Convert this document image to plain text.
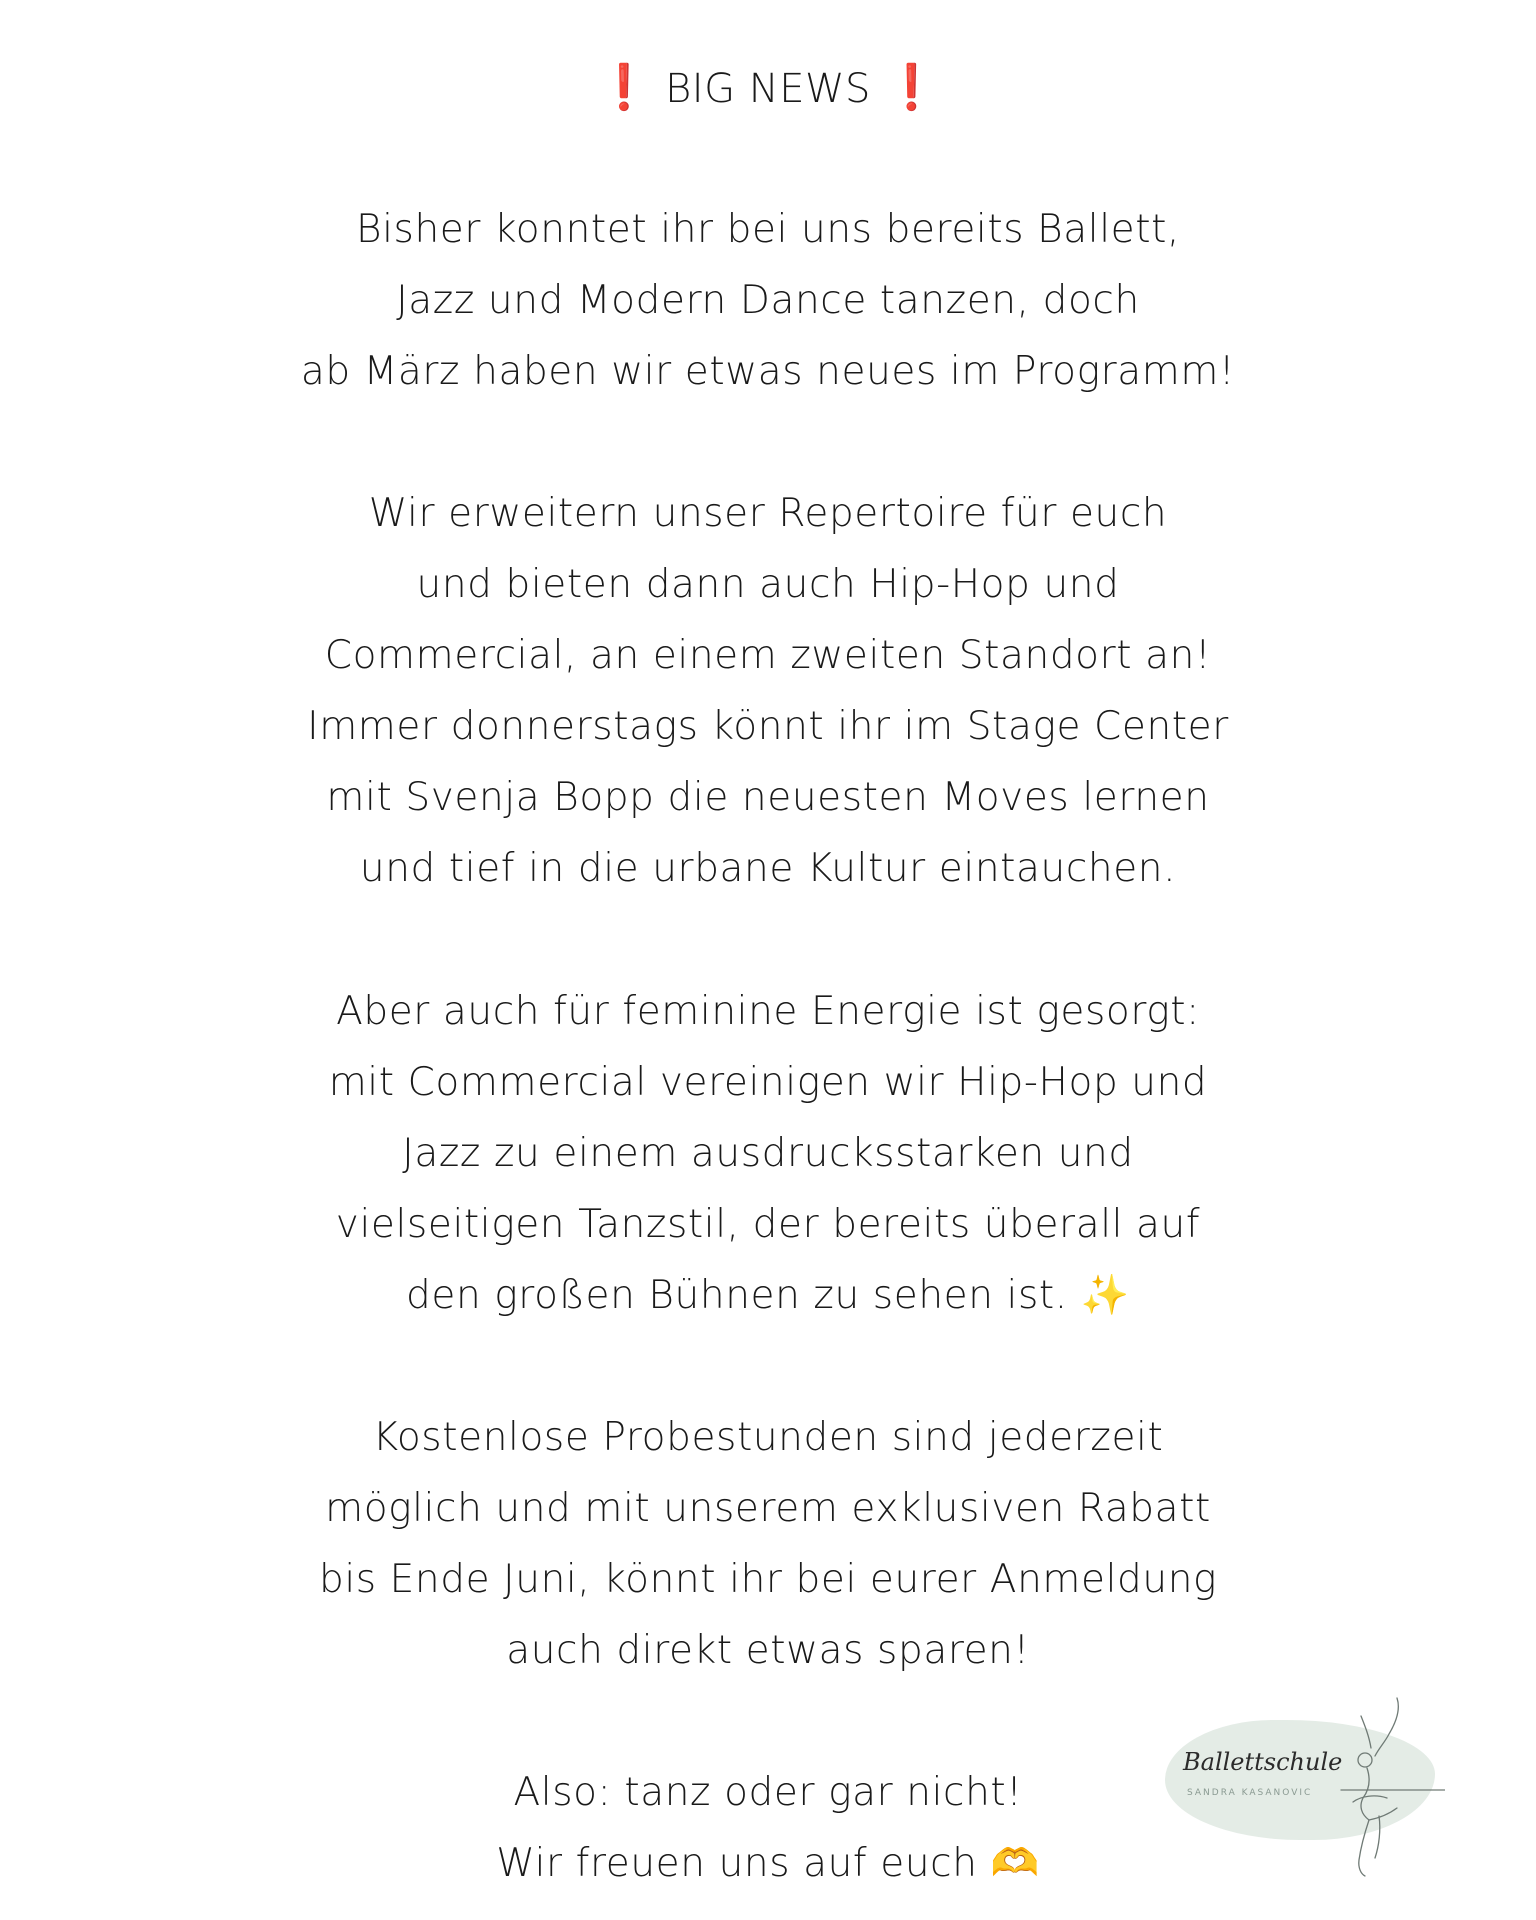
❗ BIG NEWS ❗
Bisher konntet ihr bei uns bereits Ballett,
Jazz und Modern Dance tanzen, doch
ab März haben wir etwas neues im Programm!
Wir erweitern unser Repertoire für euch
und bieten dann auch Hip-Hop und
Commercial, an einem zweiten Standort an!
Immer donnerstags könnt ihr im Stage Center
mit Svenja Bopp die neuesten Moves lernen
und tief in die urbane Kultur eintauchen.
Aber auch für feminine Energie ist gesorgt:
mit Commercial vereinigen wir Hip-Hop und
Jazz zu einem ausdrucksstarken und
vielseitigen Tanzstil, der bereits überall auf
den großen Bühnen zu sehen ist. ✨
Kostenlose Probestunden sind jederzeit
möglich und mit unserem exklusiven Rabatt
bis Ende Juni, könnt ihr bei eurer Anmeldung
auch direkt etwas sparen!
Also: tanz oder gar nicht!
Wir freuen uns auf euch 🫶
Ballettschule
SANDRA KASANOVIC
